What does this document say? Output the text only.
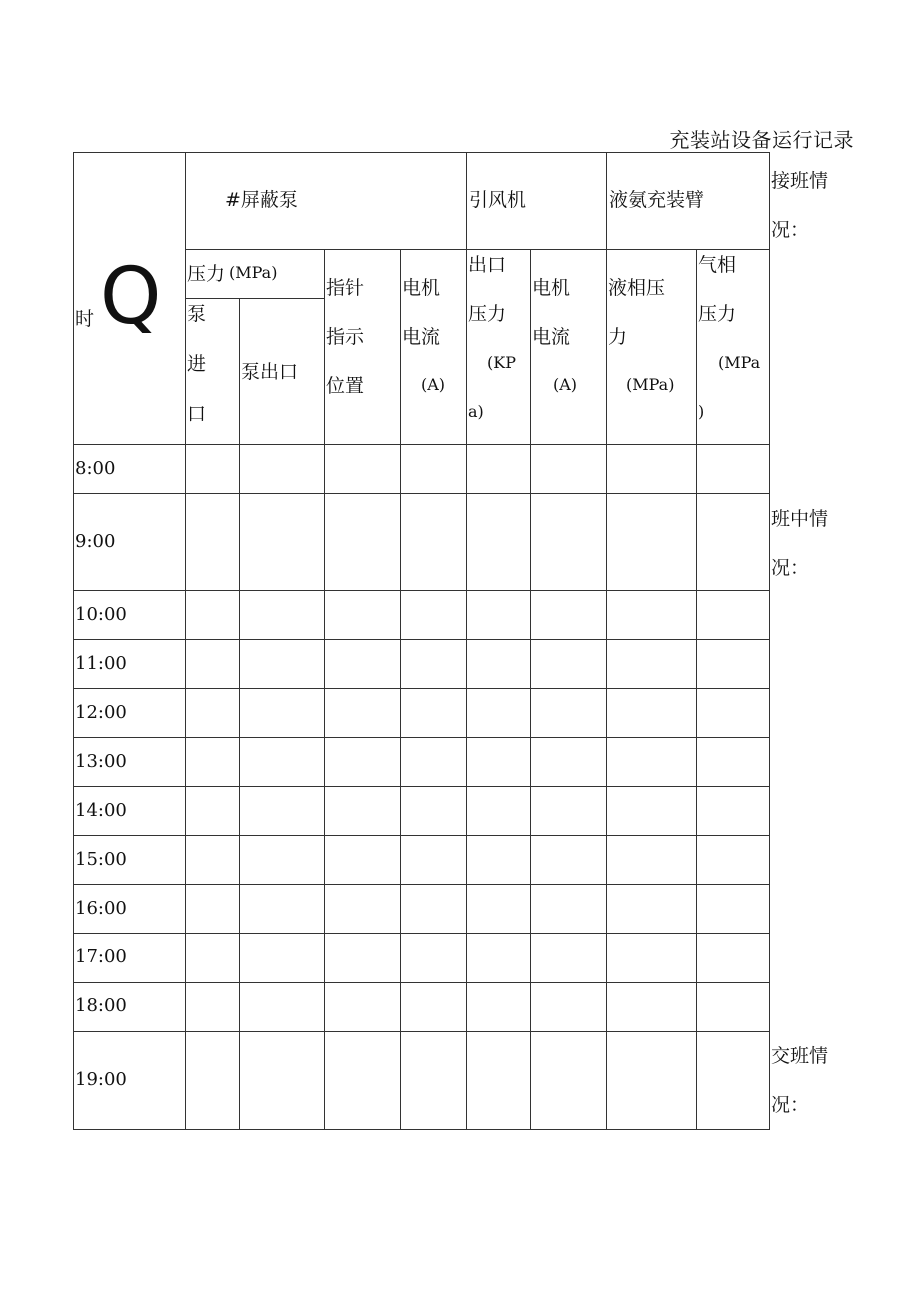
充装站设备运行记录
时 Q
#屏蔽泵	引风机	液氨充装臂
压力 (MPa)
泵
进
口
泵出口
指针
指示
位置
电机
电流
(A)
出口
压力
(KP
a)
电机
电流
(A)
液相压
力
(MPa)
气相
压力
(MPa
)
8:00
9:00
10:00
11:00
12:00
13:00
14:00
15:00
16:00
17:00
18:00
19:00
接班情
况：
班中情
况：
交班情
况：
